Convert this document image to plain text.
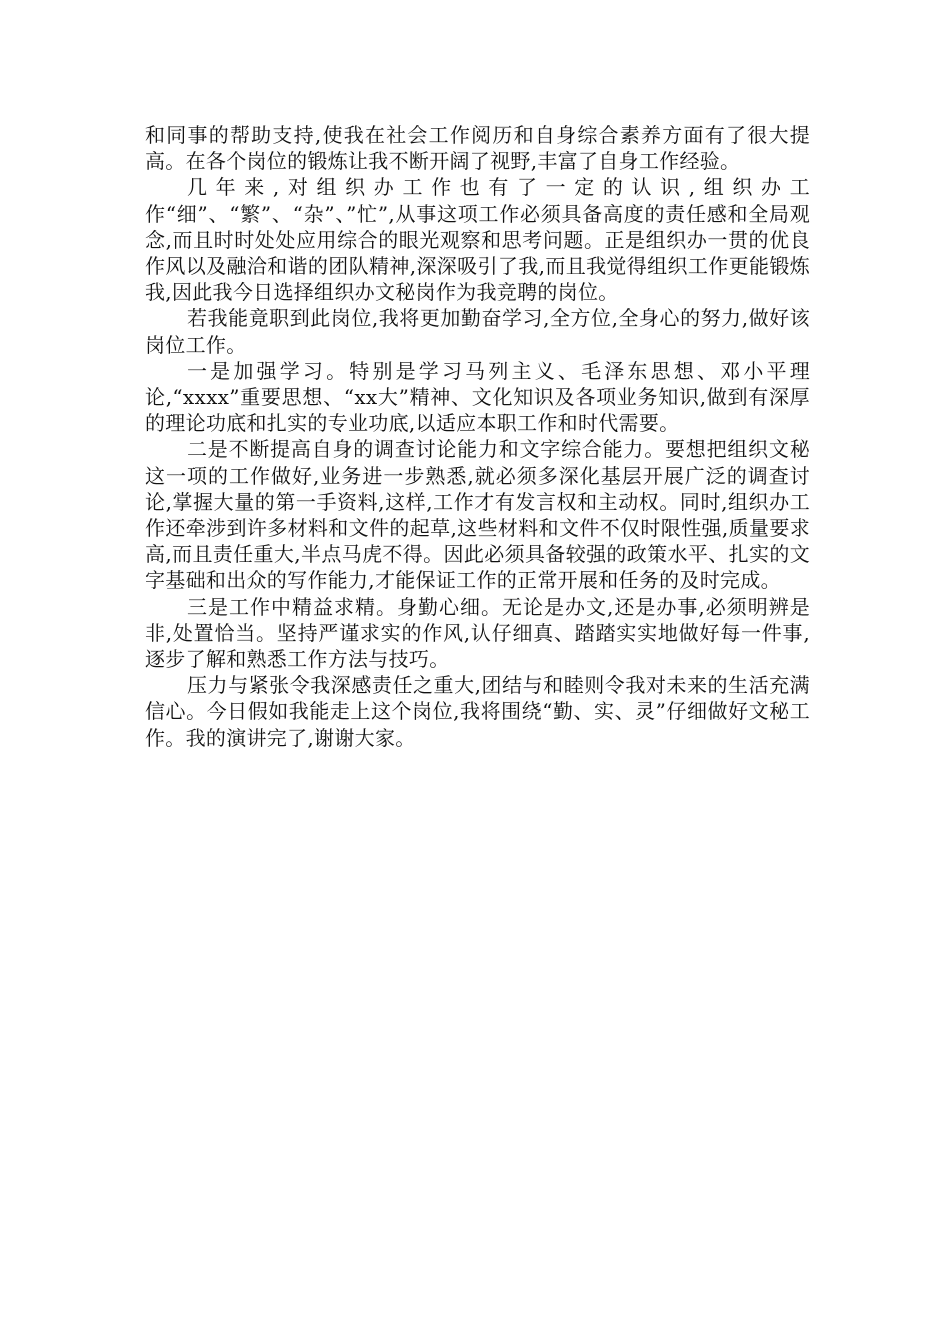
和同事的帮助支持,使我在社会工作阅历和自身综合素养方面有了很大提高。在各个岗位的锻炼让我不断开阔了视野,丰富了自身工作经验。

几年来,对组织办工作也有了一定的认识,组织办工作“细”、“繁”、“杂”、”忙”,从事这项工作必须具备高度的责任感和全局观念,而且时时处处应用综合的眼光观察和思考问题。正是组织办一贯的优良作风以及融洽和谐的团队精神,深深吸引了我,而且我觉得组织工作更能锻炼我,因此我今日选择组织办文秘岗作为我竞聘的岗位。

若我能竟职到此岗位,我将更加勤奋学习,全方位,全身心的努力,做好该岗位工作。

一是加强学习。特别是学习马列主义、毛泽东思想、邓小平理论,“xxxx”重要思想、“xx大”精神、文化知识及各项业务知识,做到有深厚的理论功底和扎实的专业功底,以适应本职工作和时代需要。

二是不断提高自身的调查讨论能力和文字综合能力。要想把组织文秘这一项的工作做好,业务进一步熟悉,就必须多深化基层开展广泛的调查讨论,掌握大量的第一手资料,这样,工作才有发言权和主动权。同时,组织办工作还牵涉到许多材料和文件的起草,这些材料和文件不仅时限性强,质量要求高,而且责任重大,半点马虎不得。因此必须具备较强的政策水平、扎实的文字基础和出众的写作能力,才能保证工作的正常开展和任务的及时完成。

三是工作中精益求精。身勤心细。无论是办文,还是办事,必须明辨是非,处置恰当。坚持严谨求实的作风,认仔细真、踏踏实实地做好每一件事,逐步了解和熟悉工作方法与技巧。

压力与紧张令我深感责任之重大,团结与和睦则令我对未来的生活充满信心。今日假如我能走上这个岗位,我将围绕“勤、实、灵”仔细做好文秘工作。我的演讲完了,谢谢大家。
